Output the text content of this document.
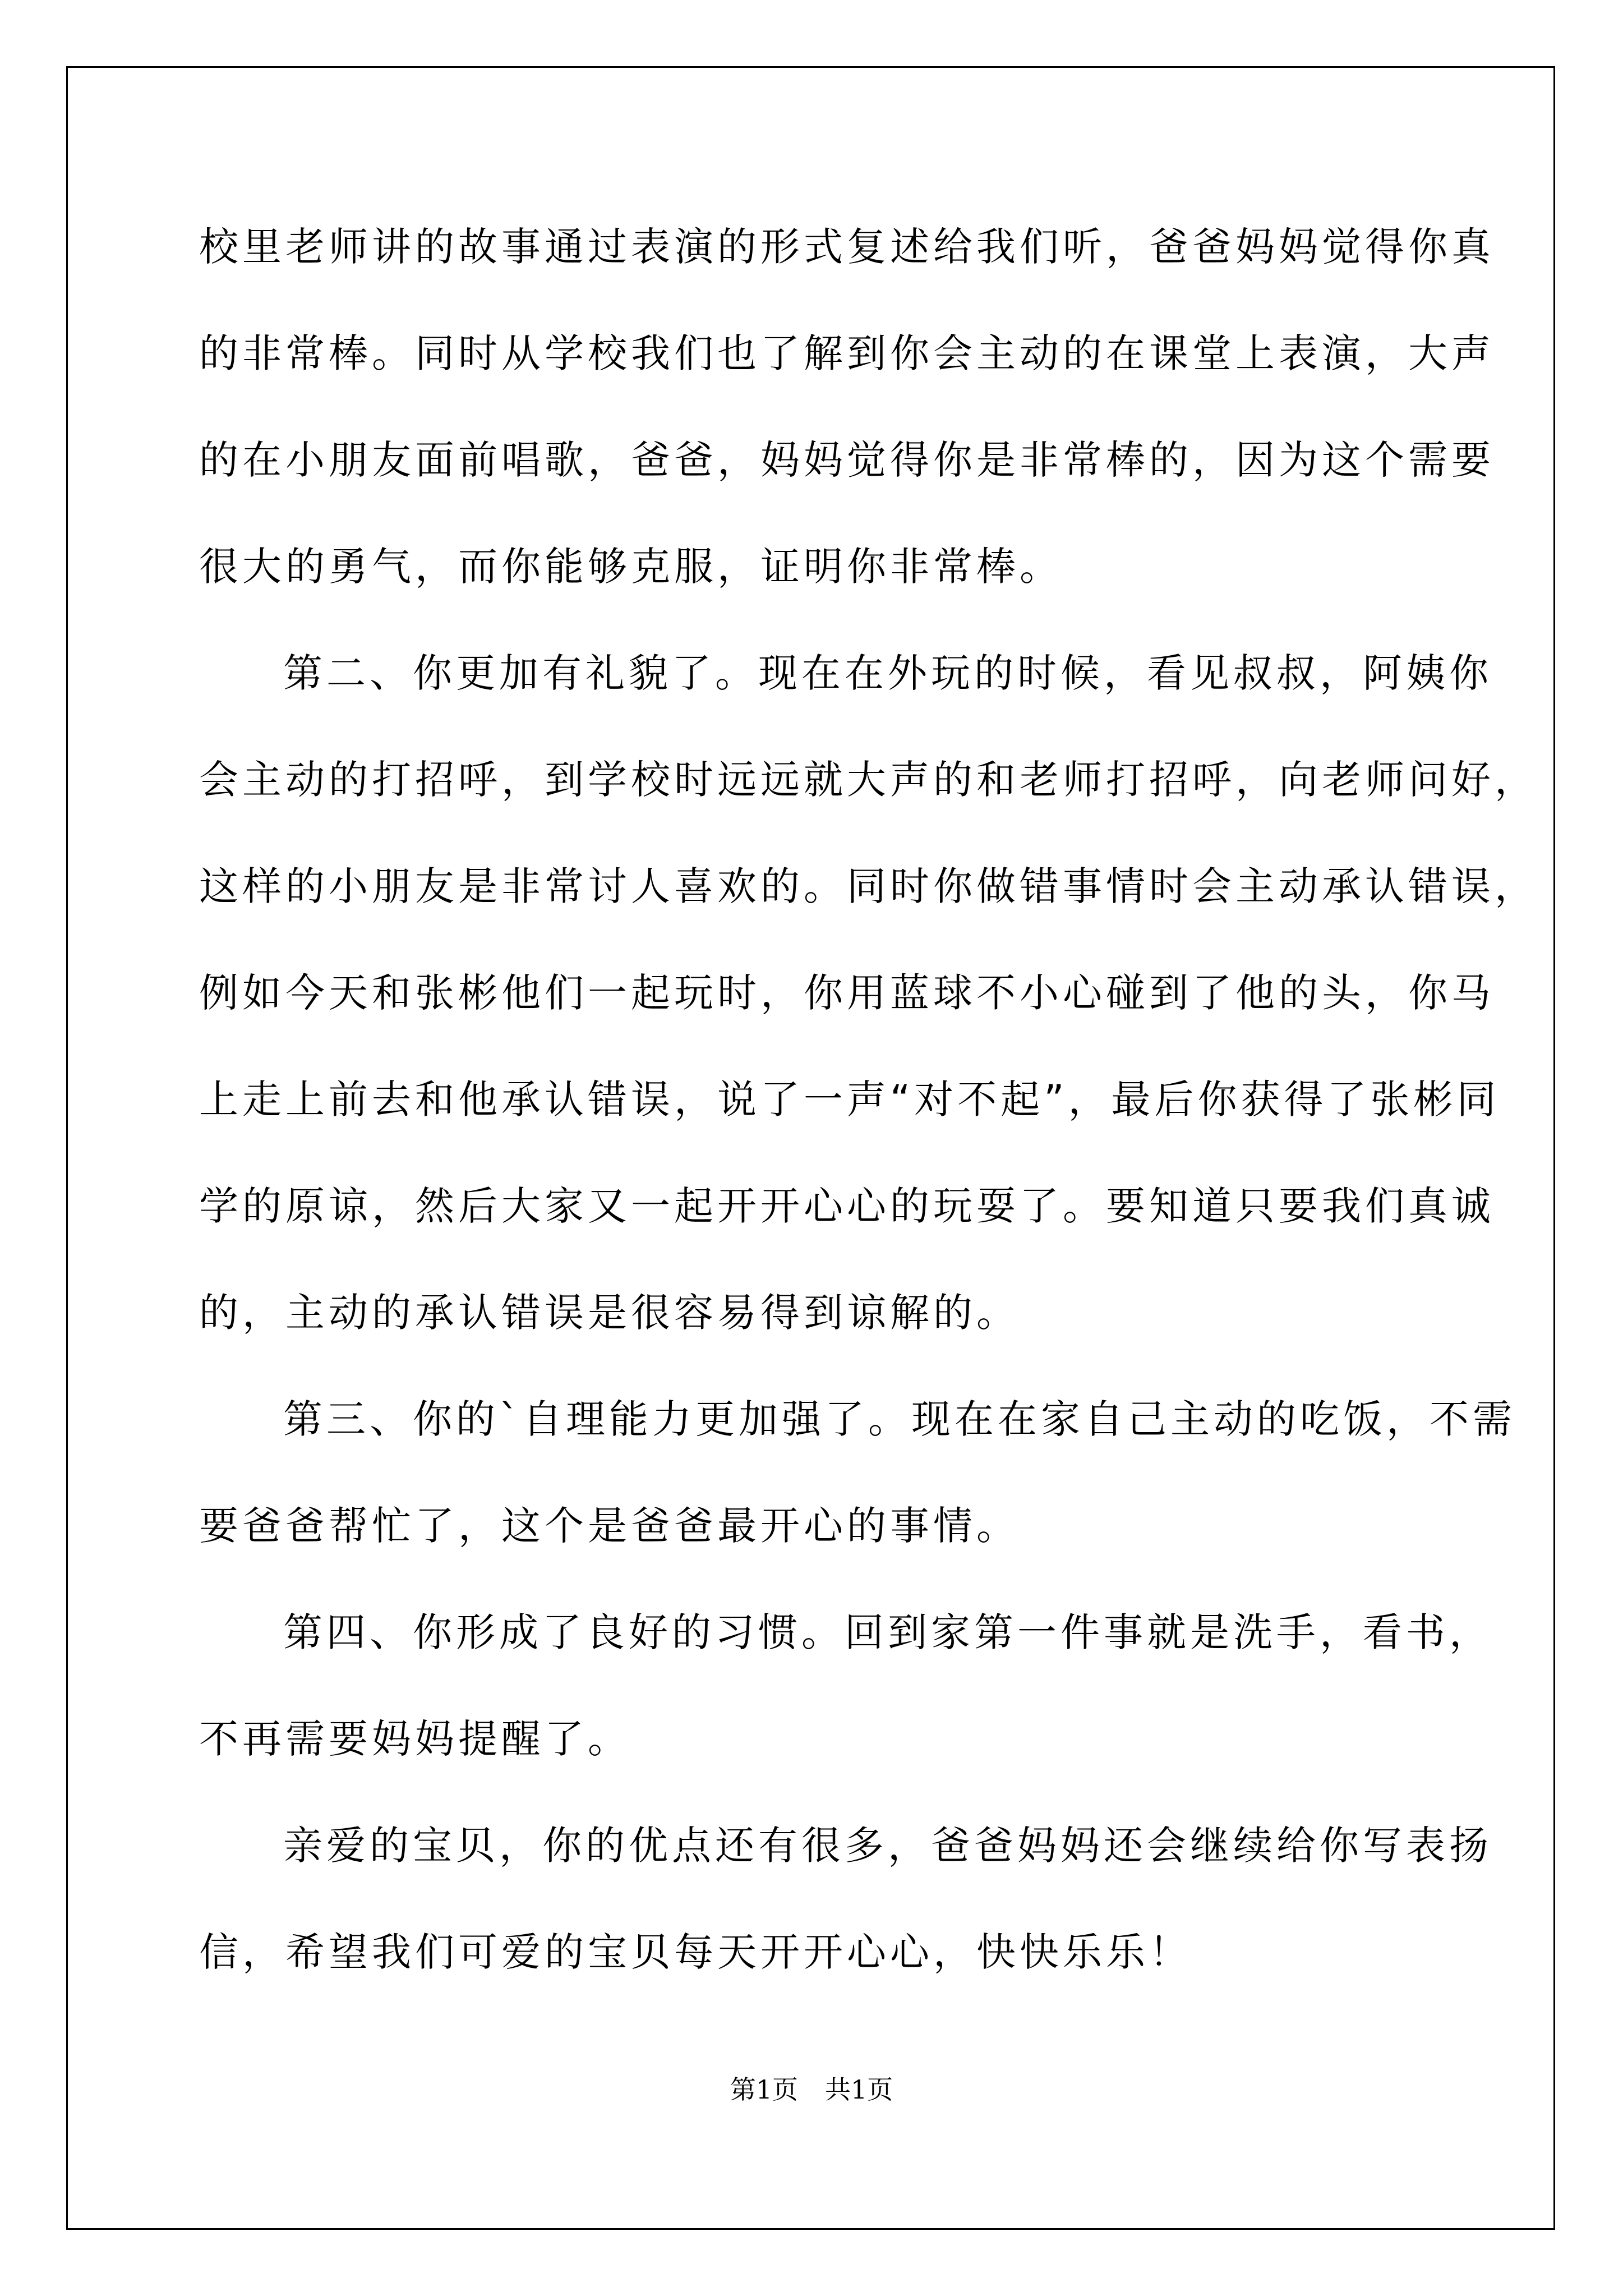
校里老师讲的故事通过表演的形式复述给我们听，爸爸妈妈觉得你真
的非常棒。同时从学校我们也了解到你会主动的在课堂上表演，大声
的在小朋友面前唱歌，爸爸，妈妈觉得你是非常棒的，因为这个需要
很大的勇气，而你能够克服，证明你非常棒。
第二、你更加有礼貌了。现在在外玩的时候，看见叔叔，阿姨你
会主动的打招呼，到学校时远远就大声的和老师打招呼，向老师问好，
这样的小朋友是非常讨人喜欢的。同时你做错事情时会主动承认错误，
例如今天和张彬他们一起玩时，你用蓝球不小心碰到了他的头，你马
上走上前去和他承认错误，说了一声“对不起”，最后你获得了张彬同
学的原谅，然后大家又一起开开心心的玩耍了。要知道只要我们真诚
的，主动的承认错误是很容易得到谅解的。
第三、你的`自理能力更加强了。现在在家自己主动的吃饭，不需
要爸爸帮忙了，这个是爸爸最开心的事情。
第四、你形成了良好的习惯。回到家第一件事就是洗手，看书，
不再需要妈妈提醒了。
亲爱的宝贝，你的优点还有很多，爸爸妈妈还会继续给你写表扬
信，希望我们可爱的宝贝每天开开心心，快快乐乐！
第1页 共1页
